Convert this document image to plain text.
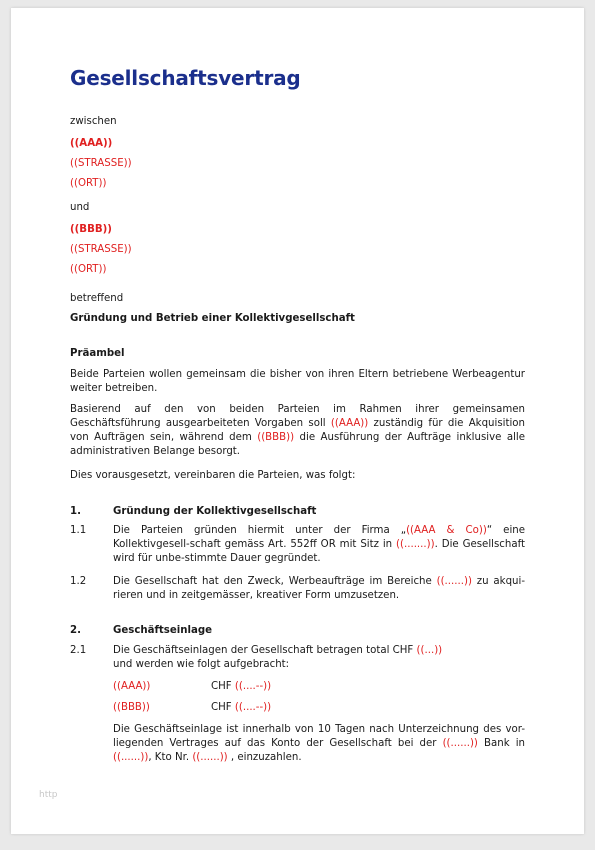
Gesellschaftsvertrag
zwischen
((AAA))
((STRASSE))
((ORT))
und
((BBB))
((STRASSE))
((ORT))
betreffend
Gründung und Betrieb einer Kollektivgesellschaft
Präambel
Beide Parteien wollen gemeinsam die bisher von ihren Eltern betriebene Werbeagentur weiter betreiben.
Basierend auf den von beiden Parteien im Rahmen ihrer gemeinsamen Geschäftsführung ausgearbeiteten Vorgaben soll ((AAA)) zuständig für die Akquisition von Aufträgen sein, während dem ((BBB)) die Ausführung der Aufträge inklusive alle administrativen Belange besorgt.
Dies vorausgesetzt, vereinbaren die Parteien, was folgt:
1.	Gründung der Kollektivgesellschaft
1.1	Die Parteien gründen hiermit unter der Firma „((AAA & Co))“ eine Kollektivgesell-schaft gemäss Art. 552ff OR mit Sitz in ((.......)). Die Gesellschaft wird für unbe-stimmte Dauer gegründet.
1.2	Die Gesellschaft hat den Zweck, Werbeaufträge im Bereiche ((......)) zu akqui-rieren und in zeitgemässer, kreativer Form umzusetzen.
2.	Geschäftseinlage
2.1	Die Geschäftseinlagen der Gesellschaft betragen total CHF ((...))
und werden wie folgt aufgebracht:
((AAA))	CHF ((....--))
((BBB))	CHF ((....--))
Die Geschäftseinlage ist innerhalb von 10 Tagen nach Unterzeichnung des vor-liegenden Vertrages auf das Konto der Gesellschaft bei der ((......)) Bank in ((......)), Kto Nr. ((......)) , einzuzahlen.
http
